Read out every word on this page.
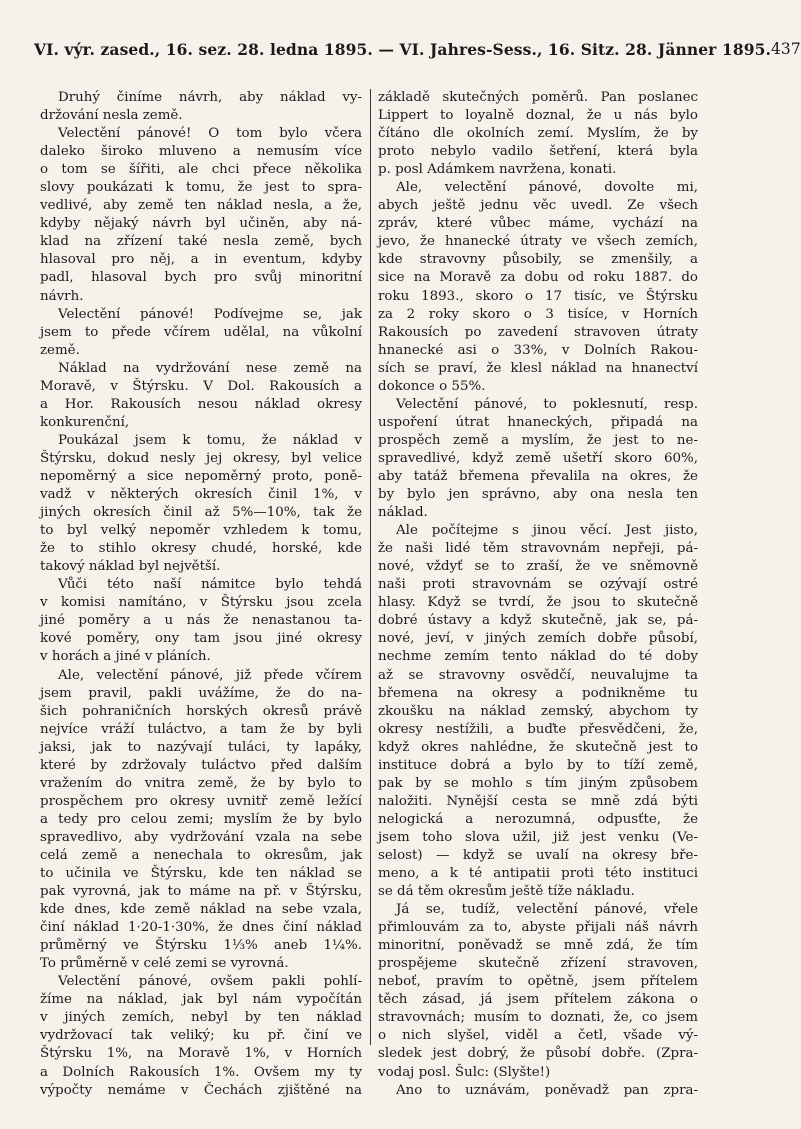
VI. výr. zased., 16. sez. 28. ledna 1895. — VI. Jahres-Sess., 16. Sitz. 28. Jänner 1895. 437
Druhý činíme návrh, aby náklad vy-
držování nesla země.
Velectění pánové! O tom bylo včera
daleko široko mluveno a nemusím více
o tom se šířiti, ale chci přece několika
slovy poukázati k tomu, že jest to spra-
vedlivé, aby země ten náklad nesla, a že,
kdyby nějaký návrh byl učiněn, aby ná-
klad na zřízení také nesla země, bych
hlasoval pro něj, a in eventum, kdyby
padl, hlasoval bych pro svůj minoritní
návrh.
Velectění pánové! Podívejme se, jak
jsem to přede včírem udělal, na vůkolní
země.
Náklad na vydržování nese země na
Moravě, v Štýrsku. V Dol. Rakousích a
a Hor. Rakousích nesou náklad okresy
konkurenční,
Poukázal jsem k tomu, že náklad v
Štýrsku, dokud nesly jej okresy, byl velice
nepoměrný a sice nepoměrný proto, poně-
vadž v některých okresích činil 1%, v
jiných okresích činil až 5%—10%, tak že
to byl velký nepoměr vzhledem k tomu,
že to stihlo okresy chudé, horské, kde
takový náklad byl největší.
Vůči této naší námitce bylo tehdá
v komisi namítáno, v Štýrsku jsou zcela
jiné poměry a u nás že nenastanou ta-
kové poměry, ony tam jsou jiné okresy
v horách a jiné v pláních.
Ale, velectění pánové, již přede včírem
jsem pravil, pakli uvážíme, že do na-
šich pohraničních horských okresů právě
nejvíce vráží tuláctvo, a tam že by byli
jaksi, jak to nazývají tuláci, ty lapáky,
které by zdržovaly tuláctvo před dalším
vražením do vnitra země, že by bylo to
prospěchem pro okresy uvnitř země ležící
a tedy pro celou zemi; myslím že by bylo
spravedlivo, aby vydržování vzala na sebe
celá země a nenechala to okresům, jak
to učinila ve Štýrsku, kde ten náklad se
pak vyrovná, jak to máme na př. v Štýrsku,
kde dnes, kde země náklad na sebe vzala,
činí náklad 1·20-1·30%, že dnes činí náklad
průměrný ve Štýrsku 1⅓% aneb 1¼%.
To průměrně v celé zemi se vyrovná.
Velectění pánové, ovšem pakli pohlí-
žíme na náklad, jak byl nám vypočítán
v jiných zemích, nebyl by ten náklad
vydržovací tak veliký; ku př. činí ve
Štýrsku 1%, na Moravě 1%, v Horních
a Dolních Rakousích 1%. Ovšem my ty
výpočty nemáme v Čechách zjištěné na
základě skutečných poměrů. Pan poslanec
Lippert to loyalně doznal, že u nás bylo
čítáno dle okolních zemí. Myslím, že by
proto nebylo vadilo šetření, která byla
p. posl Adámkem navržena, konati.
Ale, velectění pánové, dovolte mi,
abych ještě jednu věc uvedl. Ze všech
zpráv, které vůbec máme, vychází na
jevo, že hnanecké útraty ve všech zemích,
kde stravovny působily, se zmenšily, a
sice na Moravě za dobu od roku 1887. do
roku 1893., skoro o 17 tisíc, ve Štýrsku
za 2 roky skoro o 3 tisíce, v Horních
Rakousích po zavedení stravoven útraty
hnanecké asi o 33%, v Dolních Rakou-
sích se praví, že klesl náklad na hnanectví
dokonce o 55%.
Velectění pánové, to poklesnutí, resp.
uspoření útrat hnaneckých, připadá na
prospěch země a myslím, že jest to ne-
spravedlivé, když země ušetří skoro 60%,
aby tatáž břemena převalila na okres, že
by bylo jen správno, aby ona nesla ten
náklad.
Ale počítejme s jinou věcí. Jest jisto,
že naši lidé těm stravovnám nepřeji, pá-
nové, vždyť se to zraší, že ve sněmovně
naši proti stravovnám se ozývají ostré
hlasy. Když se tvrdí, že jsou to skutečně
dobré ústavy a když skutečně, jak se, pá-
nové, jeví, v jiných zemích dobře působí,
nechme zemím tento náklad do té doby
až se stravovny osvědčí, neuvalujme ta
břemena na okresy a podnikněme tu
zkoušku na náklad zemský, abychom ty
okresy nestížili, a buďte přesvědčeni, že,
když okres nahlédne, že skutečně jest to
instituce dobrá a bylo by to tíží země,
pak by se mohlo s tím jiným způsobem
naložiti. Nynější cesta se mně zdá býti
nelogická a nerozumná, odpusťte, že
jsem toho slova užil, již jest venku (Ve-
selost) — když se uvalí na okresy bře-
meno, a k té antipatii proti této instituci
se dá těm okresům ještě tíže nákladu.
Já se, tudíž, velectění pánové, vřele
přimlouvám za to, abyste přijali náš návrh
minoritní, poněvadž se mně zdá, že tím
prospějeme skutečně zřízení stravoven,
neboť, pravím to opětně, jsem přítelem
těch zásad, já jsem přítelem zákona o
stravovnách; musím to doznati, že, co jsem
o nich slyšel, viděl a četl, všade vý-
sledek jest dobrý, že působí dobře. (Zpra-
vodaj posl. Šulc: (Slyšte!)
Ano to uznávám, poněvadž pan zpra-
